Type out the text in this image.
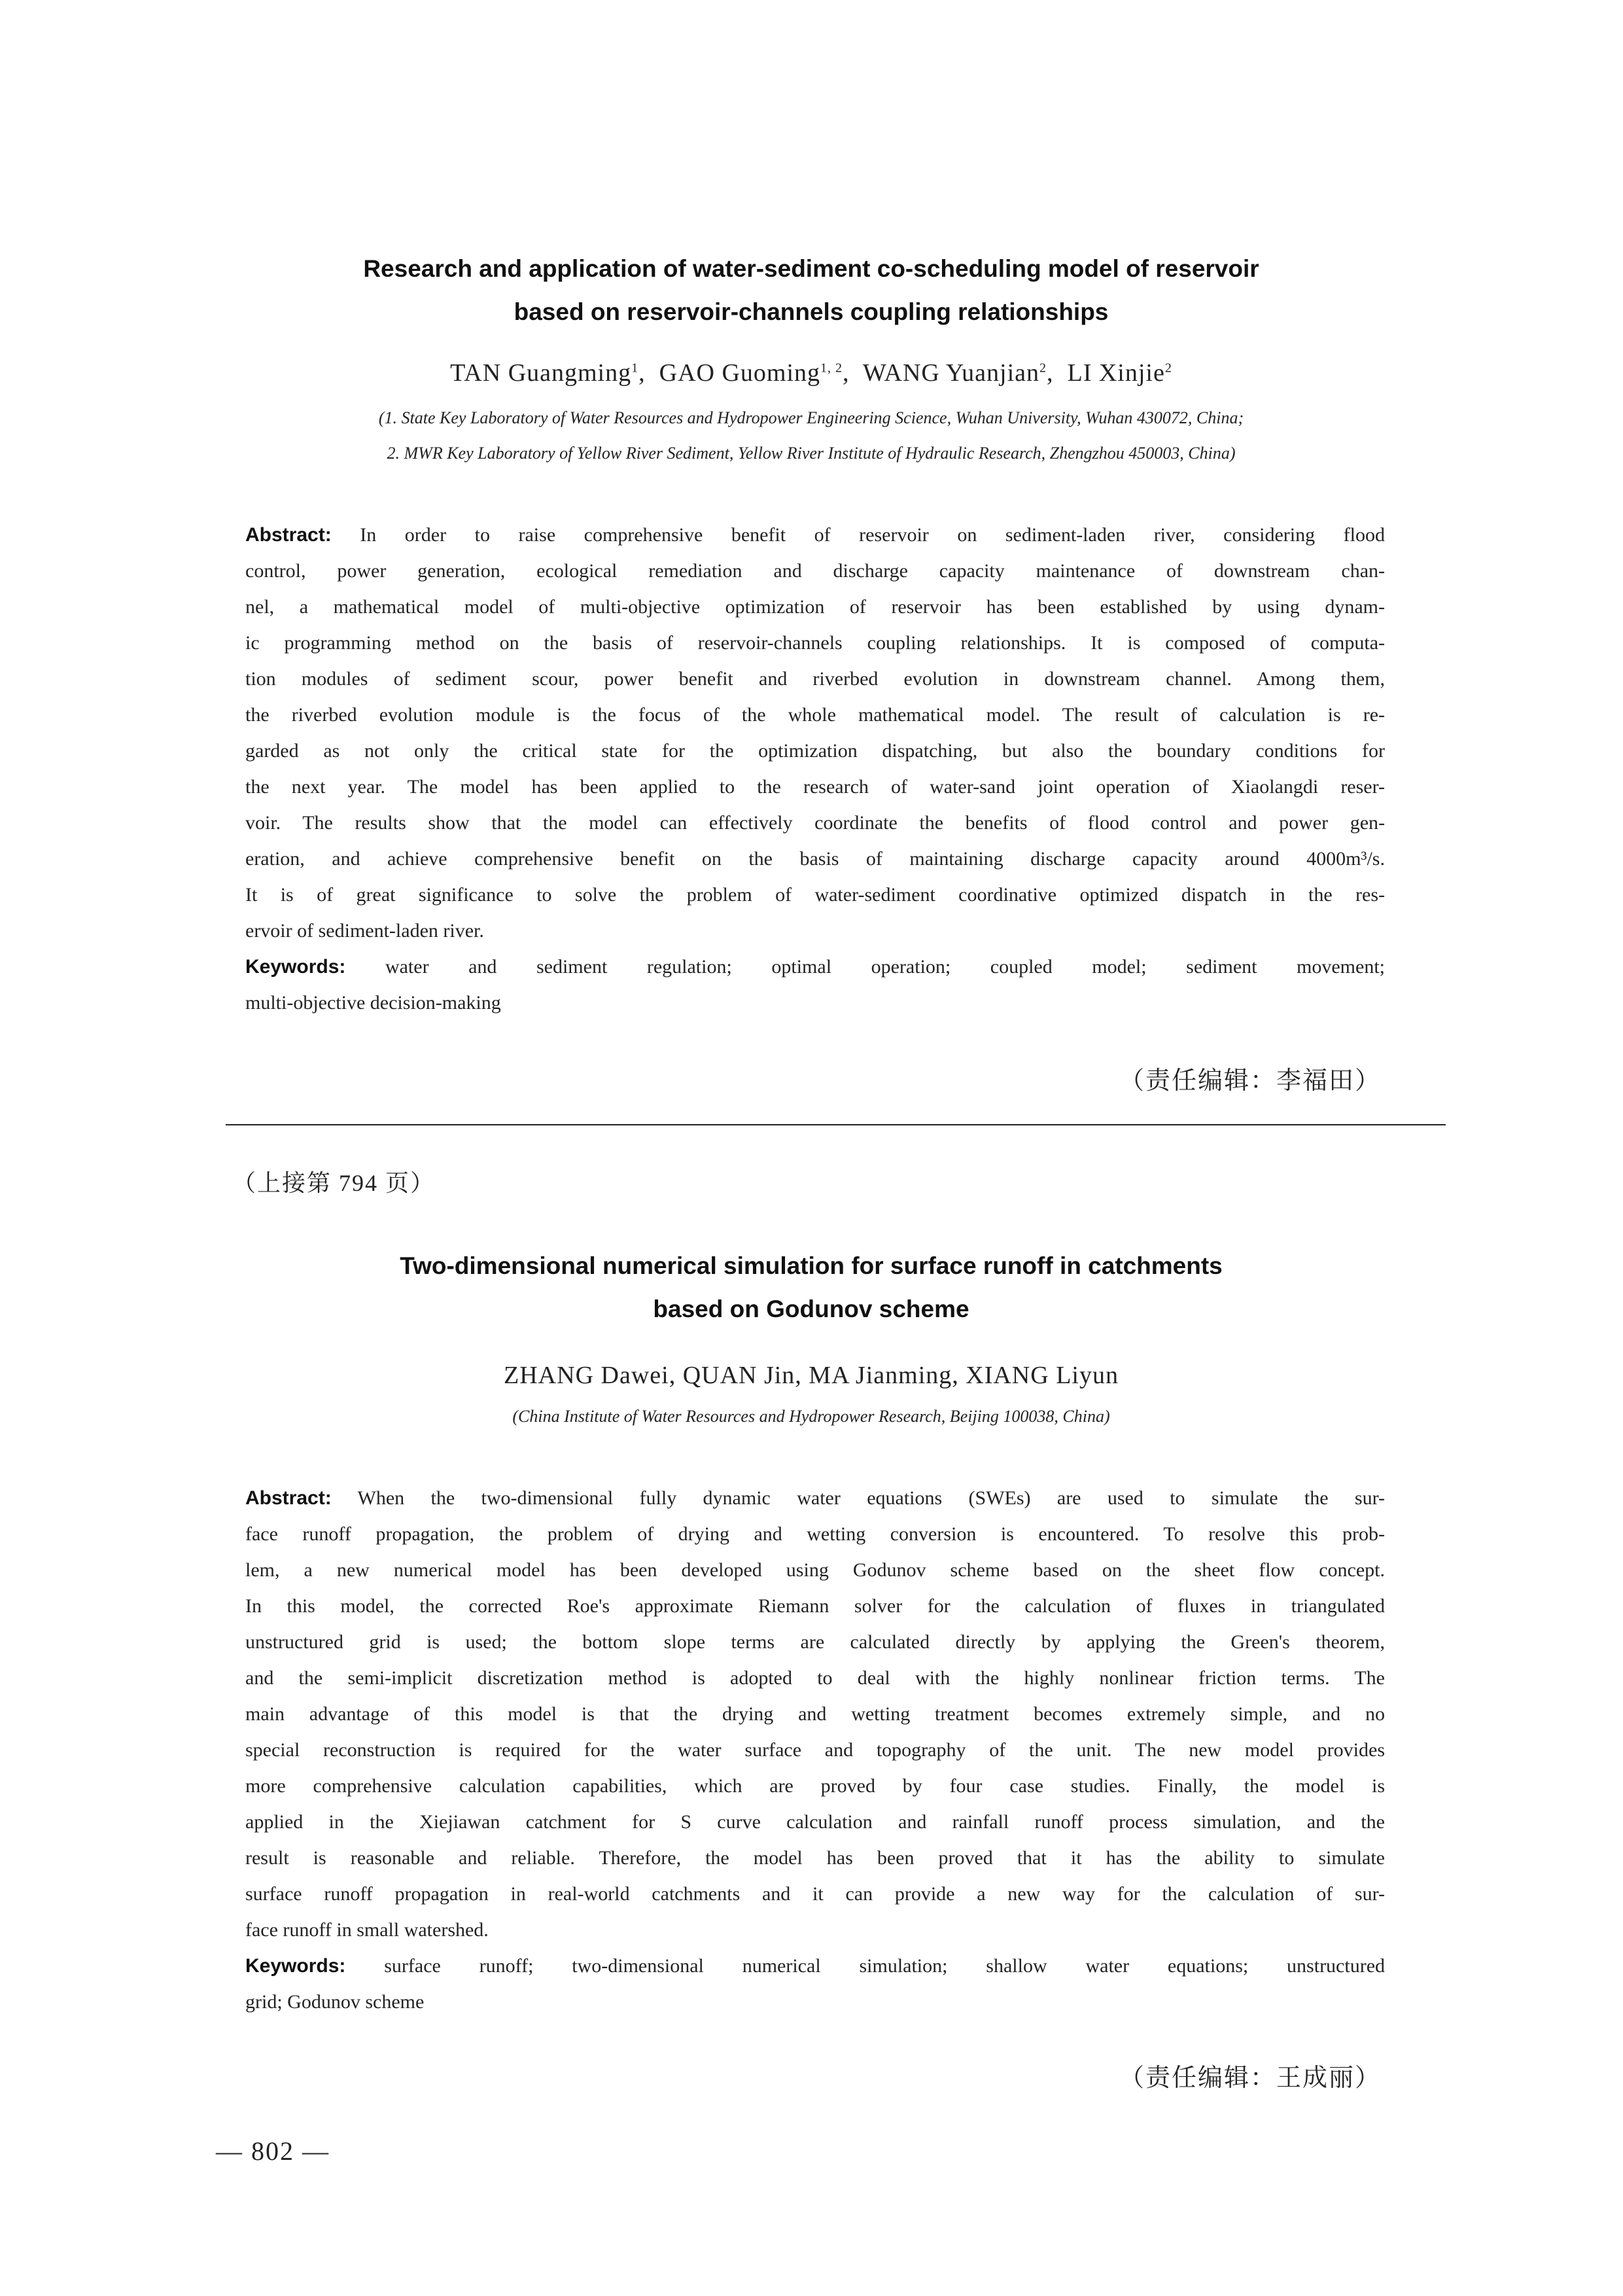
Research and application of water-sediment co-scheduling model of reservoir
based on reservoir-channels coupling relationships
TAN Guangming$^1$,  GAO Guoming$^{1, 2}$,  WANG Yuanjian$^2$,  LI Xinjie$^2$
(1. State Key Laboratory of Water Resources and Hydropower Engineering Science, Wuhan University, Wuhan 430072, China;
2. MWR Key Laboratory of Yellow River Sediment, Yellow River Institute of Hydraulic Research, Zhengzhou 450003, China)
Abstract: In order to raise comprehensive benefit of reservoir on sediment-laden river, considering flood
control, power generation, ecological remediation and discharge capacity maintenance of downstream chan-
nel, a mathematical model of multi-objective optimization of reservoir has been established by using dynam-
ic programming method on the basis of reservoir-channels coupling relationships. It is composed of computa-
tion modules of sediment scour, power benefit and riverbed evolution in downstream channel. Among them,
the riverbed evolution module is the focus of the whole mathematical model. The result of calculation is re-
garded as not only the critical state for the optimization dispatching, but also the boundary conditions for
the next year. The model has been applied to the research of water-sand joint operation of Xiaolangdi reser-
voir. The results show that the model can effectively coordinate the benefits of flood control and power gen-
eration, and achieve comprehensive benefit on the basis of maintaining discharge capacity around 4000m³/s.
It is of great significance to solve the problem of water-sediment coordinative optimized dispatch in the res-
ervoir of sediment-laden river.
Keywords: water and sediment regulation; optimal operation; coupled model; sediment movement;
multi-objective decision-making
（责任编辑：李福田）
（上接第 794 页）
Two-dimensional numerical simulation for surface runoff in catchments
based on Godunov scheme
ZHANG Dawei, QUAN Jin, MA Jianming, XIANG Liyun
(China Institute of Water Resources and Hydropower Research, Beijing 100038, China)
Abstract: When the two-dimensional fully dynamic water equations (SWEs) are used to simulate the sur-
face runoff propagation, the problem of drying and wetting conversion is encountered. To resolve this prob-
lem, a new numerical model has been developed using Godunov scheme based on the sheet flow concept.
In this model, the corrected Roe's approximate Riemann solver for the calculation of fluxes in triangulated
unstructured grid is used; the bottom slope terms are calculated directly by applying the Green's theorem,
and the semi-implicit discretization method is adopted to deal with the highly nonlinear friction terms. The
main advantage of this model is that the drying and wetting treatment becomes extremely simple, and no
special reconstruction is required for the water surface and topography of the unit. The new model provides
more comprehensive calculation capabilities, which are proved by four case studies. Finally, the model is
applied in the Xiejiawan catchment for S curve calculation and rainfall runoff process simulation, and the
result is reasonable and reliable. Therefore, the model has been proved that it has the ability to simulate
surface runoff propagation in real-world catchments and it can provide a new way for the calculation of sur-
face runoff in small watershed.
Keywords: surface runoff; two-dimensional numerical simulation; shallow water equations; unstructured
grid; Godunov scheme
（责任编辑：王成丽）
— 802 —
